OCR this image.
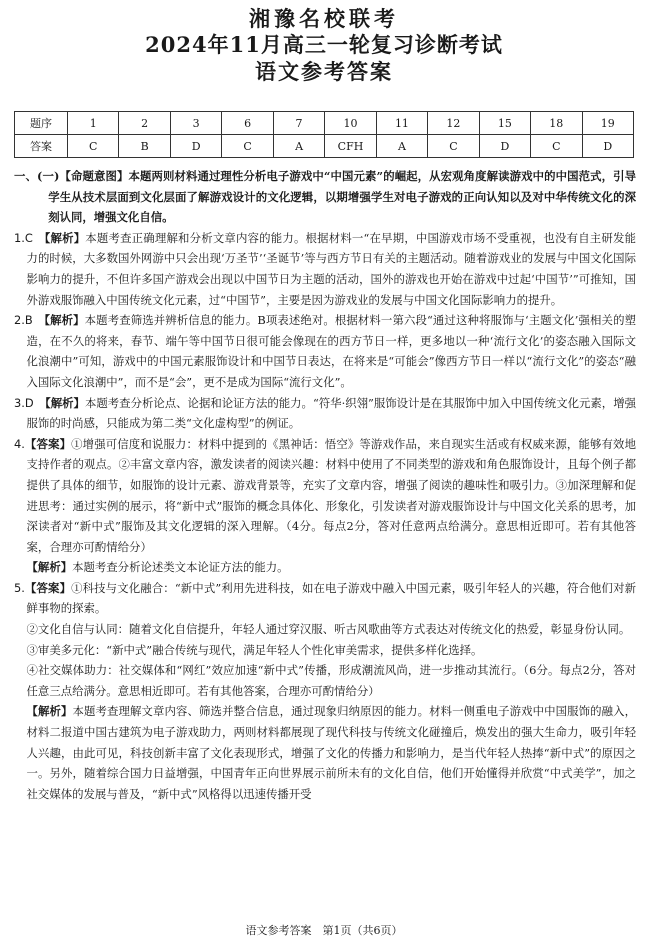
湘豫名校联考
2024年11月高三一轮复习诊断考试
语文参考答案
题序	1	2	3	6	7	10	11	12	15	18	19
答案	C	B	D	C	A	CFH	A	C	D	C	D

一、(一)【命题意图】本题两则材料通过理性分析电子游戏中“中国元素”的崛起，从宏观角度解读游戏中的中国范式，引导学生从技术层面到文化层面了解游戏设计的文化逻辑，以期增强学生对电子游戏的正向认知以及对中华传统文化的深刻认同，增强文化自信。

1.C　 【解析】本题考查正确理解和分析文章内容的能力。根据材料一“在早期，中国游戏市场不受重视，也没有自主研发能力的时候，大多数国外网游中只会出现‘万圣节’‘圣诞节’等与西方节日有关的主题活动。随着游戏业的发展与中国文化国际影响力的提升，不但许多国产游戏会出现以中国节日为主题的活动，国外的游戏也开始在游戏中过起‘中国节’”可推知，国外游戏服饰融入中国传统文化元素，过“中国节”，主要是因为游戏业的发展与中国文化国际影响力的提升。

2.B　 【解析】本题考查筛选并辨析信息的能力。B项表述绝对。根据材料一第六段“通过这种将服饰与‘主题文化’强相关的塑造，在不久的将来，春节、端午等中国节日很可能会像现在的西方节日一样，更多地以一种‘流行文化’的姿态融入国际文化浪潮中”可知，游戏中的中国元素服饰设计和中国节日表达，在将来是“可能会”像西方节日一样以“流行文化”的姿态“融入国际文化浪潮中”，而不是“会”，更不是成为国际“流行文化”。

3.D　 【解析】本题考查分析论点、论据和论证方法的能力。“符华·织翎”服饰设计是在其服饰中加入中国传统文化元素，增强服饰的时尚感，只能成为第二类“文化虚构型”的例证。

4.【答案】①增强可信度和说服力：材料中提到的《黑神话：悟空》等游戏作品，来自现实生活或有权威来源，能够有效地支持作者的观点。②丰富文章内容，激发读者的阅读兴趣：材料中使用了不同类型的游戏和角色服饰设计，且每个例子都提供了具体的细节，如服饰的设计元素、游戏背景等，充实了文章内容，增强了阅读的趣味性和吸引力。③加深理解和促进思考：通过实例的展示，将“新中式”服饰的概念具体化、形象化，引发读者对游戏服饰设计与中国文化关系的思考，加深读者对“新中式”服饰及其文化逻辑的深入理解。（4分。每点2分，答对任意两点给满分。意思相近即可。若有其他答案，合理亦可酌情给分）

【解析】本题考查分析论述类文本论证方法的能力。

5.【答案】①科技与文化融合：“新中式”利用先进科技，如在电子游戏中融入中国元素，吸引年轻人的兴趣，符合他们对新鲜事物的探索。

②文化自信与认同：随着文化自信提升，年轻人通过穿汉服、听古风歌曲等方式表达对传统文化的热爱，彰显身份认同。

③审美多元化：“新中式”融合传统与现代，满足年轻人个性化审美需求，提供多样化选择。

④社交媒体助力：社交媒体和“网红”效应加速“新中式”传播，形成潮流风尚，进一步推动其流行。（6分。每点2分，答对任意三点给满分。意思相近即可。若有其他答案，合理亦可酌情给分）

【解析】本题考查理解文章内容、筛选并整合信息，通过现象归纳原因的能力。材料一侧重电子游戏中中国服饰的融入，材料二报道中国古建筑为电子游戏助力，两则材料都展现了现代科技与传统文化碰撞后，焕发出的强大生命力，吸引年轻人兴趣，由此可见，科技创新丰富了文化表现形式，增强了文化的传播力和影响力，是当代年轻人热捧“新中式”的原因之一。另外，随着综合国力日益增强，中国青年正向世界展示前所未有的文化自信，他们开始懂得并欣赏“中式美学”，加之社交媒体的发展与普及，“新中式”风格得以迅速传播开受

语文参考答案　第1页（共6页）
